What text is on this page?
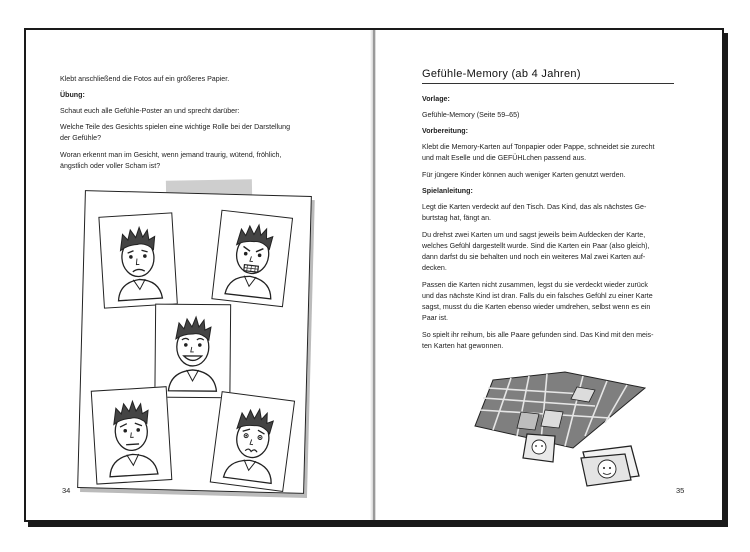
Klebt anschließend die Fotos auf ein größeres Papier.

Übung:

Schaut euch alle Gefühle-Poster an und sprecht darüber:

Welche Teile des Gesichts spielen eine wichtige Rolle bei der Darstellung

der Gefühle?

Woran erkennt man im Gesicht, wenn jemand traurig, wütend, fröhlich,

ängstlich oder voller Scham ist?

34
Gefühle-Memory (ab 4 Jahren)

Vorlage:

Gefühle-Memory (Seite 59–65)

Vorbereitung:

Klebt die Memory-Karten auf Tonpapier oder Pappe, schneidet sie zurecht

und malt Eselle und die GEFÜHLchen passend aus.

Für jüngere Kinder können auch weniger Karten genutzt werden.

Spielanleitung:

Legt die Karten verdeckt auf den Tisch. Das Kind, das als nächstes Ge-

burtstag hat, fängt an.

Du drehst zwei Karten um und sagst jeweils beim Aufdecken der Karte,

welches Gefühl dargestellt wurde. Sind die Karten ein Paar (also gleich),

dann darfst du sie behalten und noch ein weiteres Mal zwei Karten auf-

decken.

Passen die Karten nicht zusammen, legst du sie verdeckt wieder zurück

und das nächste Kind ist dran. Falls du ein falsches Gefühl zu einer Karte

sagst, musst du die Karten ebenso wieder umdrehen, selbst wenn es ein

Paar ist.

So spielt ihr reihum, bis alle Paare gefunden sind. Das Kind mit den meis-

ten Karten hat gewonnen.

35
